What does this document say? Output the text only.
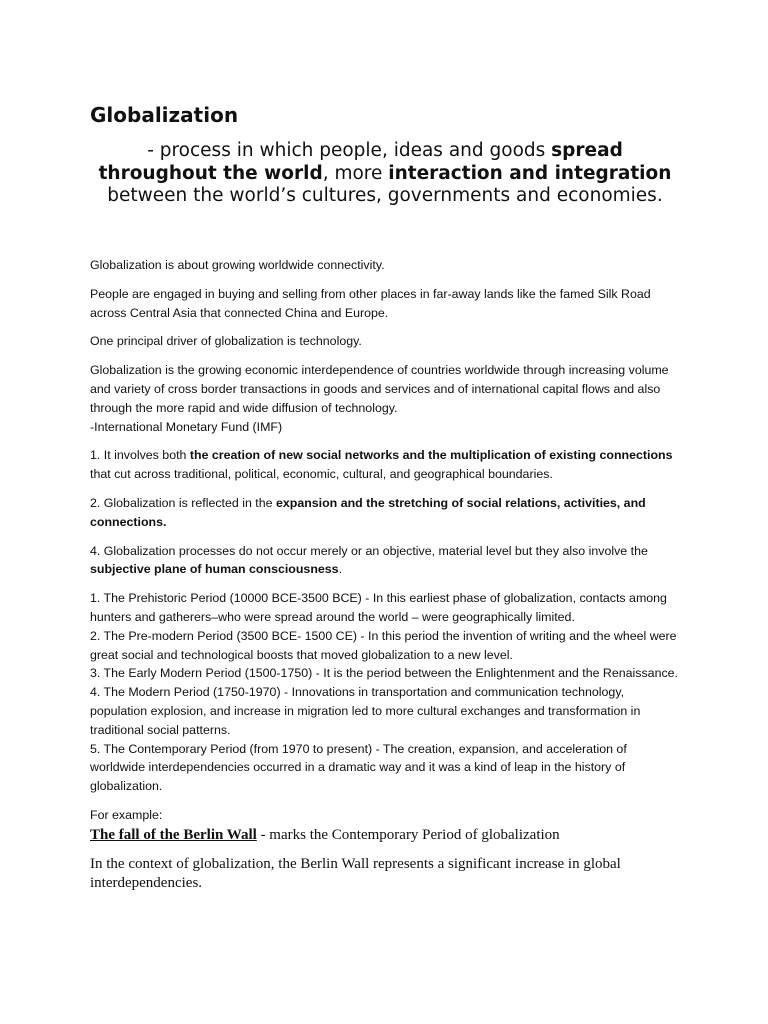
Globalization

- process in which people, ideas and goods spread throughout the world, more interaction and integration between the world’s cultures, governments and economies.

Globalization is about growing worldwide connectivity.

People are engaged in buying and selling from other places in far-away lands like the famed Silk Road across Central Asia that connected China and Europe.

One principal driver of globalization is technology.

Globalization is the growing economic interdependence of countries worldwide through increasing volume and variety of cross border transactions in goods and services and of international capital flows and also through the more rapid and wide diffusion of technology.
-International Monetary Fund (IMF)

1. It involves both the creation of new social networks and the multiplication of existing connections that cut across traditional, political, economic, cultural, and geographical boundaries.

2. Globalization is reflected in the expansion and the stretching of social relations, activities, and connections.

4. Globalization processes do not occur merely or an objective, material level but they also involve the subjective plane of human consciousness.

1. The Prehistoric Period (10000 BCE-3500 BCE) - In this earliest phase of globalization, contacts among hunters and gatherers–who were spread around the world – were geographically limited.
2. The Pre-modern Period (3500 BCE- 1500 CE) - In this period the invention of writing and the wheel were great social and technological boosts that moved globalization to a new level.
3. The Early Modern Period (1500-1750) - It is the period between the Enlightenment and the Renaissance.
4. The Modern Period (1750-1970) - Innovations in transportation and communication technology, population explosion, and increase in migration led to more cultural exchanges and transformation in traditional social patterns.
5. The Contemporary Period (from 1970 to present) - The creation, expansion, and acceleration of worldwide interdependencies occurred in a dramatic way and it was a kind of leap in the history of globalization.

For example:

The fall of the Berlin Wall - marks the Contemporary Period of globalization

In the context of globalization, the Berlin Wall represents a significant increase in global interdependencies.
